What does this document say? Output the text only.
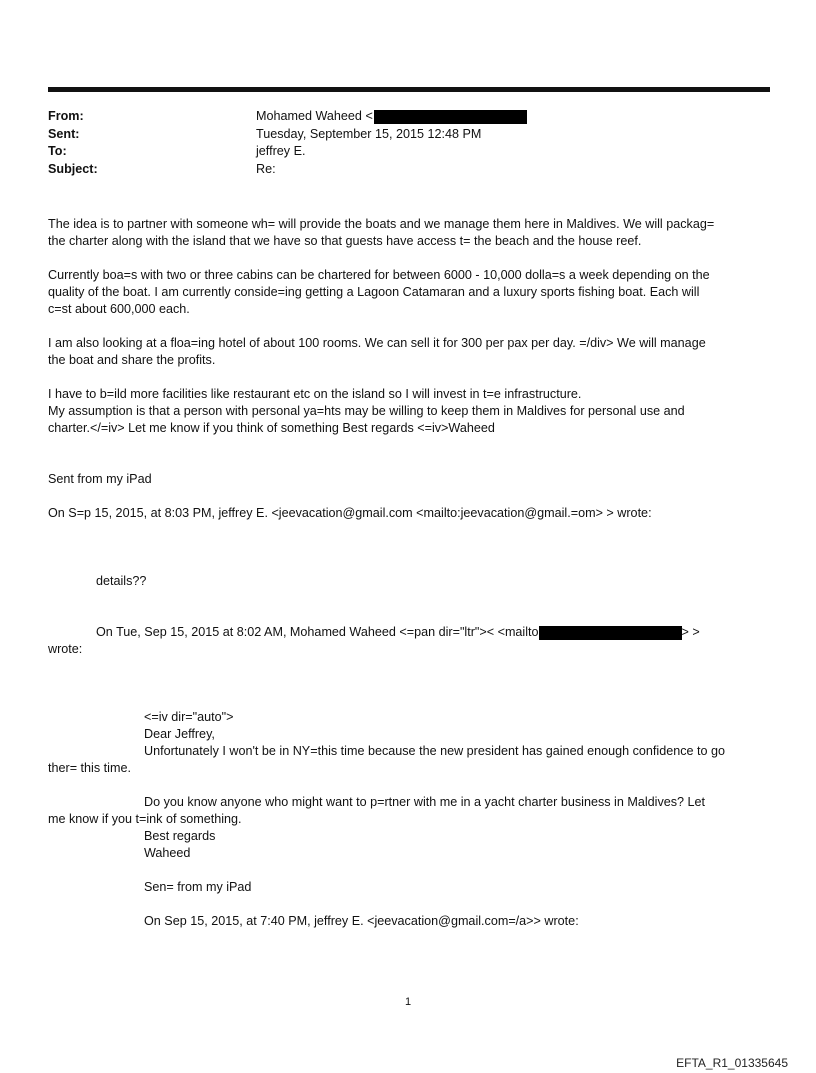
From:	Mohamed Waheed <
Sent:	Tuesday, September 15, 2015 12:48 PM
To:	jeffrey E.
Subject:	Re:
The idea is to partner with someone wh= will provide the boats and we manage them here in Maldives. We will packag=
the charter along with the island that we have so that guests have access t= the beach and the house reef.
Currently boa=s with two or three cabins can be chartered for between 6000 - 10,000 dolla=s a week depending on the
quality of the boat. I am currently conside=ing getting a Lagoon Catamaran and a luxury sports fishing boat. Each will
c=st about 600,000 each.
I am also looking at a floa=ing hotel of about 100 rooms. We can sell it for 300 per pax per day. =/div> We will manage
the boat and share the profits.
I have to b=ild more facilities like restaurant etc on the island so I will invest in t=e infrastructure.
My assumption is that a person with personal ya=hts may be willing to keep them in Maldives for personal use and
charter.</=iv> Let me know if you think of something Best regards <=iv>Waheed
Sent from my iPad
On S=p 15, 2015, at 8:03 PM, jeffrey E. <jeevacation@gmail.com <mailto:jeevacation@gmail.=om> > wrote:
details??
On Tue, Sep 15, 2015 at 8:02 AM, Mohamed Waheed <=pan dir="ltr">< <mailto	> >
wrote:
<=iv dir="auto">
Dear Jeffrey,
Unfortunately I won't be in NY=this time because the new president has gained enough confidence to go
ther= this time.
Do you know anyone who might want to p=rtner with me in a yacht charter business in Maldives? Let
me know if you t=ink of something.
Best regards
Waheed
Sen= from my iPad
On Sep 15, 2015, at 7:40 PM, jeffrey E. <jeevacation@gmail.com=/a>> wrote:
1
EFTA_R1_01335645
